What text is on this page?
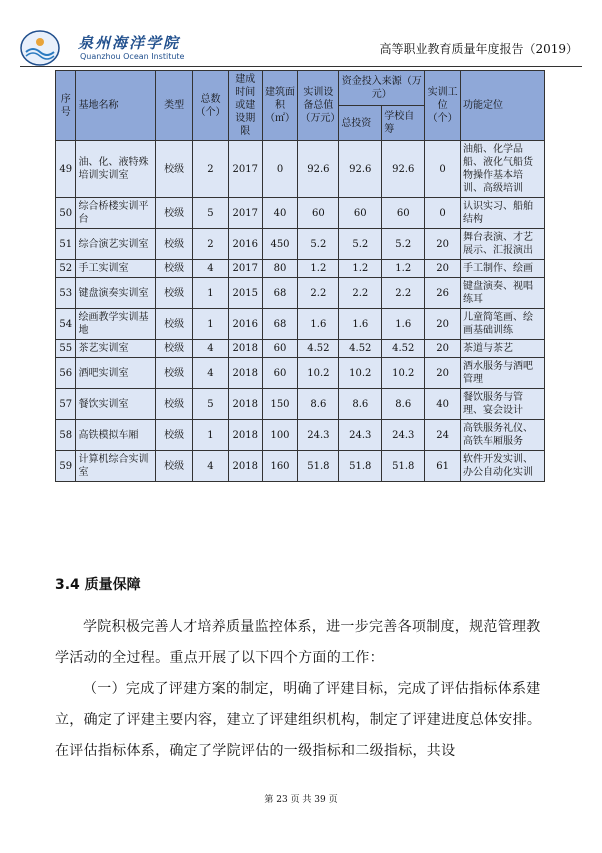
泉州海洋学院
Quanzhou Ocean Institute
高等职业教育质量年度报告（2019）
序号	基地名称	类型	总数（个）	建成时间或建设期限	建筑面积（㎡）	实训设备总值（万元）	资金投入来源（万元）		实训工位（个）	功能定位
							总投资	学校自筹		
49	油、化、液特殊培训实训室	校级	2	2017	0	92.6	92.6	92.6	0	油船、化学品船、液化气船货物操作基本培训、高级培训
50	综合桥楼实训平台	校级	5	2017	40	60	60	60	0	认识实习、船舶结构
51	综合演艺实训室	校级	2	2016	450	5.2	5.2	5.2	20	舞台表演、才艺展示、汇报演出
52	手工实训室	校级	4	2017	80	1.2	1.2	1.2	20	手工制作、绘画
53	键盘演奏实训室	校级	1	2015	68	2.2	2.2	2.2	26	键盘演奏、视唱练耳
54	绘画教学实训基地	校级	1	2016	68	1.6	1.6	1.6	20	儿童简笔画、绘画基础训练
55	茶艺实训室	校级	4	2018	60	4.52	4.52	4.52	20	茶道与茶艺
56	酒吧实训室	校级	4	2018	60	10.2	10.2	10.2	20	酒水服务与酒吧管理
57	餐饮实训室	校级	5	2018	150	8.6	8.6	8.6	40	餐饮服务与管理、宴会设计
58	高铁模拟车厢	校级	1	2018	100	24.3	24.3	24.3	24	高铁服务礼仪、高铁车厢服务
59	计算机综合实训室	校级	4	2018	160	51.8	51.8	51.8	61	软件开发实训、办公自动化实训
3.4 质量保障
学院积极完善人才培养质量监控体系，进一步完善各项制度，规范管理教学活动的全过程。重点开展了以下四个方面的工作：
（一）完成了评建方案的制定，明确了评建目标，完成了评估指标体系建立，确定了评建主要内容，建立了评建组织机构，制定了评建进度总体安排。在评估指标体系，确定了学院评估的一级指标和二级指标，共设
第 23 页 共 39 页
